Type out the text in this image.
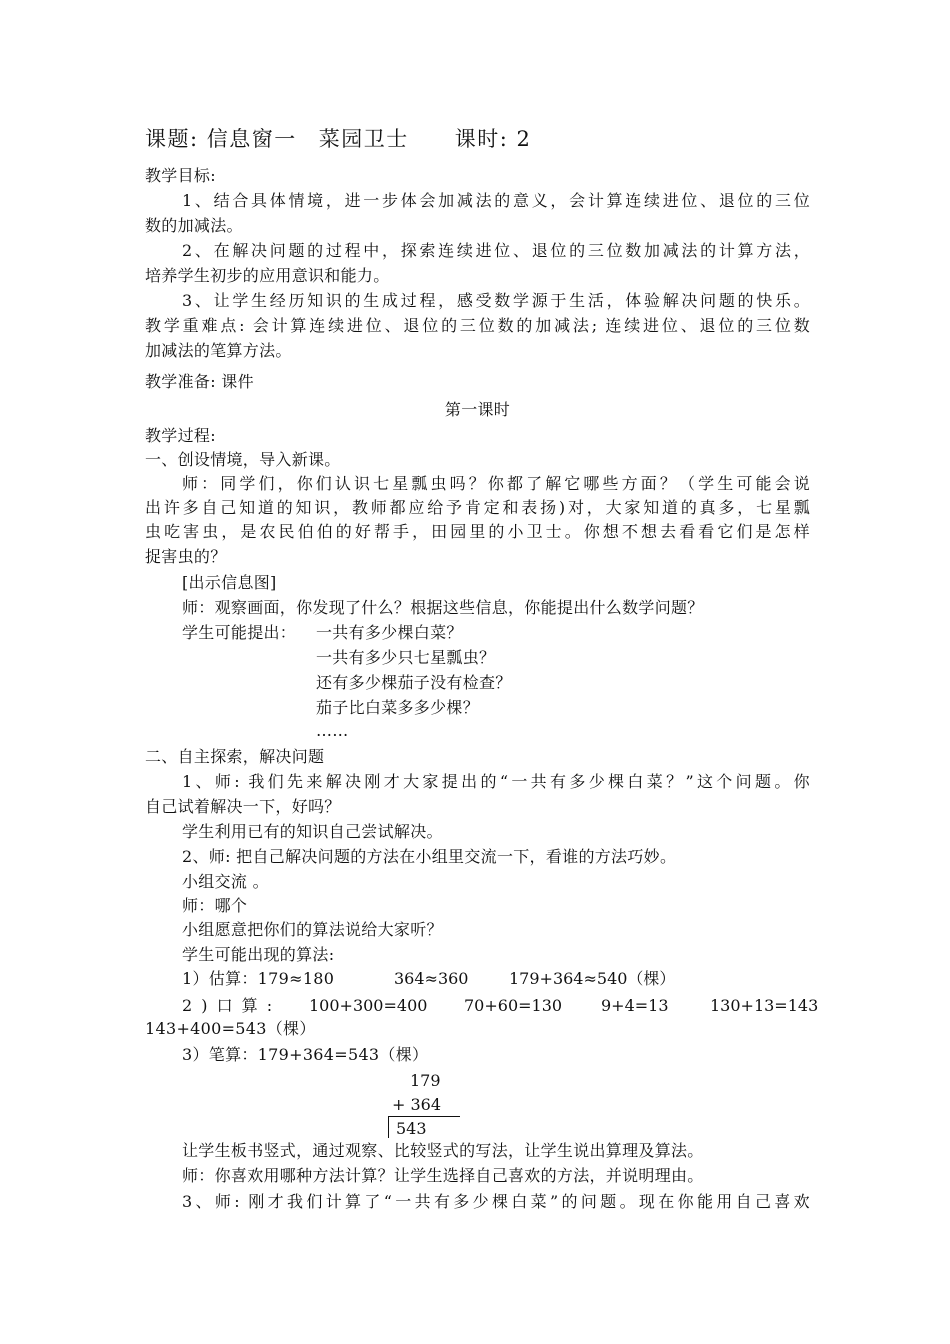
课题: 信息窗一 菜园卫士 课时: 2
教学目标:
1、结合具体情境，进一步体会加减法的意义，会计算连续进位、退位的三位
数的加减法。
2、在解决问题的过程中，探索连续进位、退位的三位数加减法的计算方法，
培养学生初步的应用意识和能力。
3、让学生经历知识的生成过程，感受数学源于生活，体验解决问题的快乐。
教学重难点: 会计算连续进位、退位的三位数的加减法; 连续进位、退位的三位数
加减法的笔算方法。
教学准备: 课件
第一课时
教学过程:
一、创设情境，导入新课。
师：同学们，你们认识七星瓢虫吗？你都了解它哪些方面？（学生可能会说
出许多自己知道的知识，教师都应给予肯定和表扬)对，大家知道的真多，七星瓢
虫吃害虫，是农民伯伯的好帮手，田园里的小卫士。你想不想去看看它们是怎样
捉害虫的？
[出示信息图]
师：观察画面，你发现了什么？根据这些信息，你能提出什么数学问题？
学生可能提出：	一共有多少棵白菜？
一共有多少只七星瓢虫？
还有多少棵茄子没有检查？
茄子比白菜多多少棵？
……
二、自主探索，解决问题
1、师: 我们先来解决刚才大家提出的“一共有多少棵白菜？”这个问题。你
自己试着解决一下，好吗？
学生利用已有的知识自己尝试解决。
2、师: 把自己解决问题的方法在小组里交流一下，看谁的方法巧妙。
小组交流 。
师：哪个
小组愿意把你们的算法说给大家听？
学生可能出现的算法:
1）估算：179≈180	364≈360	179+364≈540（棵）
2 ) 口 算 :	100+300=400 70+60=130 9+4=13	130+13=143
143+400=543（棵）
3）笔算：179+364=543（棵）
179
+ 364
543
让学生板书竖式，通过观察、比较竖式的写法，让学生说出算理及算法。
师：你喜欢用哪种方法计算？让学生选择自己喜欢的方法，并说明理由。
3、师: 刚才我们计算了“一共有多少棵白菜”的问题。现在你能用自己喜欢
